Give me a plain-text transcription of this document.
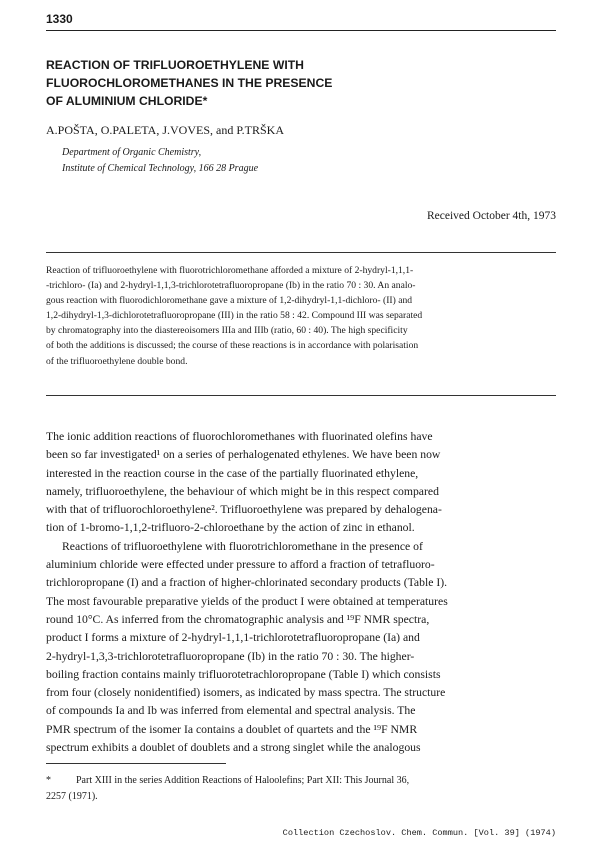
1330
REACTION OF TRIFLUOROETHYLENE WITH
FLUOROCHLOROMETHANES IN THE PRESENCE
OF ALUMINIUM CHLORIDE*
A.POŠTA, O.PALETA, J.VOVES, and P.TRŠKA
Department of Organic Chemistry,
Institute of Chemical Technology, 166 28 Prague
Received October 4th, 1973
Reaction of trifluoroethylene with fluorotrichloromethane afforded a mixture of 2-hydryl-1,1,1-
-trichloro- (Ia) and 2-hydryl-1,1,3-trichlorotetrafluoropropane (Ib) in the ratio 70 : 30. An analo-
gous reaction with fluorodichloromethane gave a mixture of 1,2-dihydryl-1,1-dichloro- (II) and
1,2-dihydryl-1,3-dichlorotetrafluoropropane (III) in the ratio 58 : 42. Compound III was separated
by chromatography into the diastereoisomers IIIa and IIIb (ratio, 60 : 40). The high specificity
of both the additions is discussed; the course of these reactions is in accordance with polarisation
of the trifluoroethylene double bond.
The ionic addition reactions of fluorochloromethanes with fluorinated olefins have
been so far investigated¹ on a series of perhalogenated ethylenes. We have been now
interested in the reaction course in the case of the partially fluorinated ethylene,
namely, trifluoroethylene, the behaviour of which might be in this respect compared
with that of trifluorochloroethylene². Trifluoroethylene was prepared by dehalogena-
tion of 1-bromo-1,1,2-trifluoro-2-chloroethane by the action of zinc in ethanol.
Reactions of trifluoroethylene with fluorotrichloromethane in the presence of
aluminium chloride were effected under pressure to afford a fraction of tetrafluoro-
trichloropropane (I) and a fraction of higher-chlorinated secondary products (Table I).
The most favourable preparative yields of the product I were obtained at temperatures
round 10°C. As inferred from the chromatographic analysis and ¹⁹F NMR spectra,
product I forms a mixture of 2-hydryl-1,1,1-trichlorotetrafluoropropane (Ia) and
2-hydryl-1,3,3-trichlorotetrafluoropropane (Ib) in the ratio 70 : 30. The higher-
boiling fraction contains mainly trifluorotetrachloropropane (Table I) which consists
from four (closely nonidentified) isomers, as indicated by mass spectra. The structure
of compounds Ia and Ib was inferred from elemental and spectral analysis. The
PMR spectrum of the isomer Ia contains a doublet of quartets and the ¹⁹F NMR
spectrum exhibits a doublet of doublets and a strong singlet while the analogous
*	Part XIII in the series Addition Reactions of Haloolefins; Part XII: This Journal 36,
2257 (1971).
Collection Czechoslov. Chem. Commun. [Vol. 39] (1974)
